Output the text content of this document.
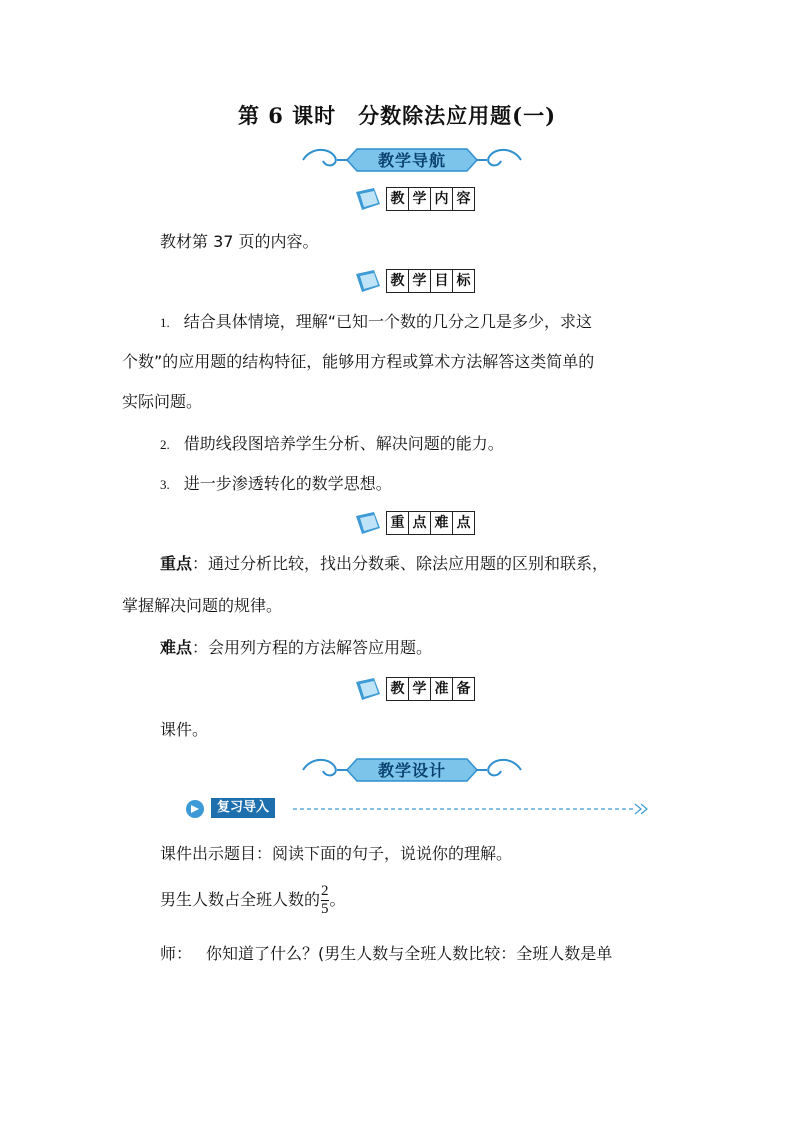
第 6 课时　分数除法应用题(一)
教学导航
教 学 内 容
教材第 37 页的内容。
教 学 目 标
1. 结合具体情境，理解“已知一个数的几分之几是多少，求这
个数”的应用题的结构特征，能够用方程或算术方法解答这类简单的
实际问题。
2. 借助线段图培养学生分析、解决问题的能力。
3. 进一步渗透转化的数学思想。
重 点 难 点
重点：通过分析比较，找出分数乘、除法应用题的区别和联系，
掌握解决问题的规律。
难点：会用列方程的方法解答应用题。
教 学 准 备
课件。
教学设计
复习导入
课件出示题目：阅读下面的句子，说说你的理解。
男生人数占全班人数的 $\frac{2}{5}$ 。
师： 你知道了什么？(男生人数与全班人数比较：全班人数是单
